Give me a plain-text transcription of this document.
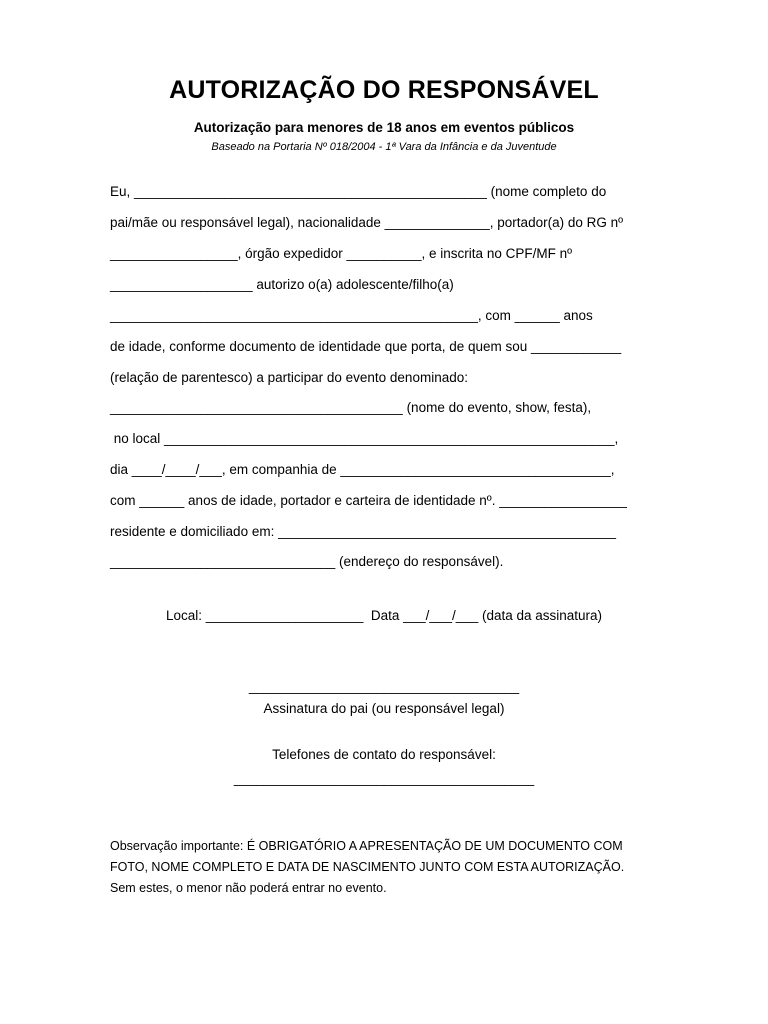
AUTORIZAÇÃO DO RESPONSÁVEL
Autorização para menores de 18 anos em eventos públicos
Baseado na Portaria Nº 018/2004 - 1ª Vara da Infância e da Juventude
Eu, _______________________________________________ (nome completo do
pai/mãe ou responsável legal), nacionalidade ______________, portador(a) do RG nº
_________________, órgão expedidor __________, e inscrita no CPF/MF nº
___________________ autorizo o(a) adolescente/filho(a)
_________________________________________________, com ______ anos
de idade, conforme documento de identidade que porta, de quem sou ____________
(relação de parentesco) a participar do evento denominado:
_______________________________________ (nome do evento, show, festa),
no local ____________________________________________________________,
dia ____/____/___, em companhia de ____________________________________,
com ______ anos de idade, portador e carteira de identidade nº. _________________
residente e domiciliado em: _____________________________________________
______________________________ (endereço do responsável).
Local: _____________________  Data ___/___/___ (data da assinatura)
____________________________________
Assinatura do pai (ou responsável legal)
Telefones de contato do responsável:
________________________________________
Observação importante: É OBRIGATÓRIO A APRESENTAÇÃO DE UM DOCUMENTO COM
FOTO, NOME COMPLETO E DATA DE NASCIMENTO JUNTO COM ESTA AUTORIZAÇÃO.
Sem estes, o menor não poderá entrar no evento.
